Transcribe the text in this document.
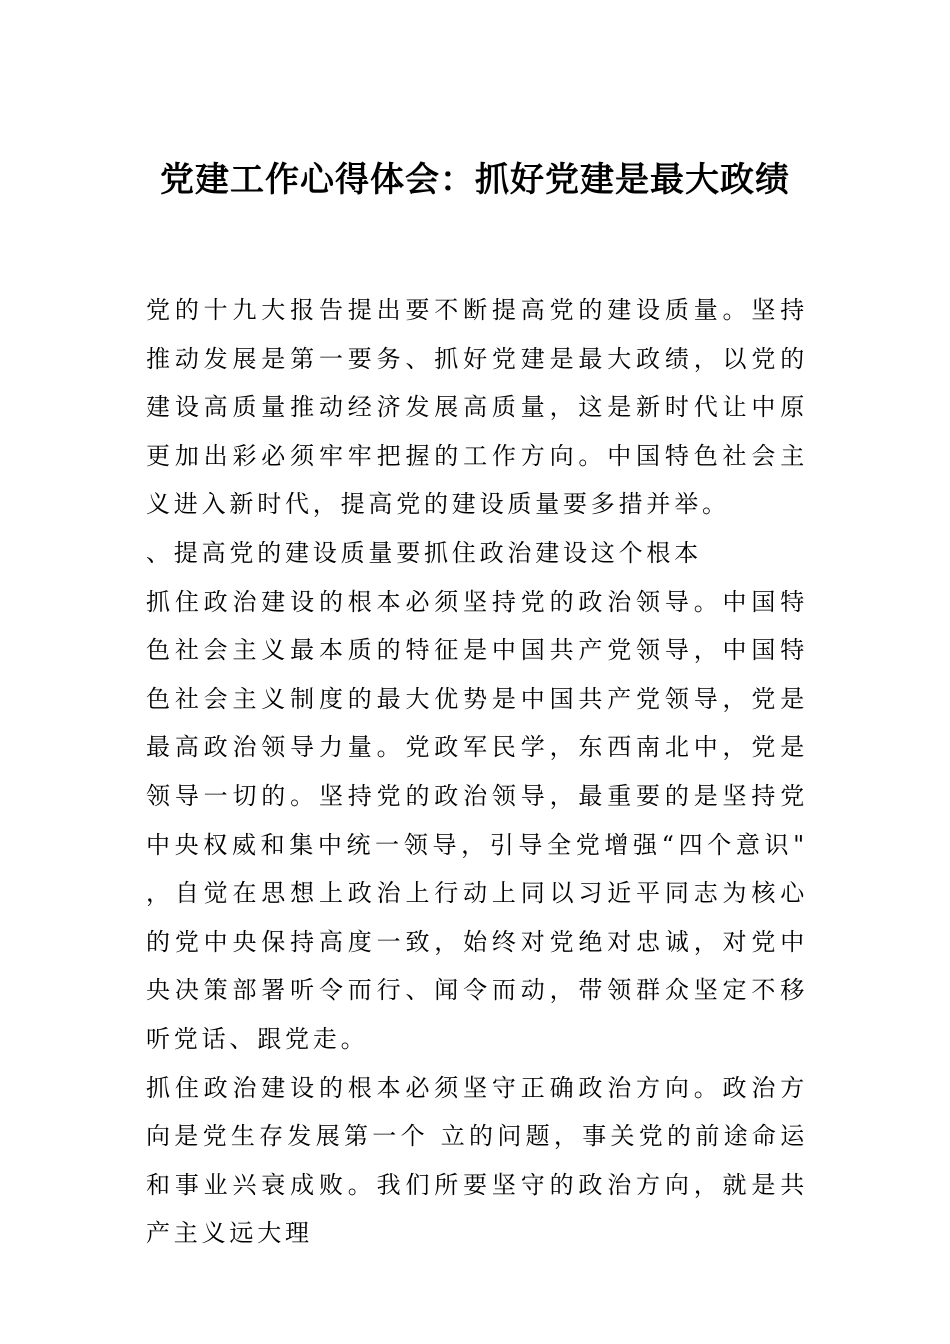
党建工作心得体会：抓好党建是最大政绩

党的十九大报告提出要不断提高党的建设质量。坚持推动发展是第一要务、抓好党建是最大政绩，以党的建设高质量推动经济发展高质量，这是新时代让中原更加出彩必须牢牢把握的工作方向。中国特色社会主义进入新时代，提高党的建设质量要多措并举。

、提高党的建设质量要抓住政治建设这个根本

抓住政治建设的根本必须坚持党的政治领导。中国特色社会主义最本质的特征是中国共产党领导，中国特色社会主义制度的最大优势是中国共产党领导，党是最高政治领导力量。党政军民学，东西南北中，党是领导一切的。坚持党的政治领导，最重要的是坚持党中央权威和集中统一领导，引导全党增强“四个意识"，自觉在思想上政治上行动上同以习近平同志为核心的党中央保持高度一致，始终对党绝对忠诚，对党中央决策部署听令而行、闻令而动，带领群众坚定不移听党话、跟党走。

抓住政治建设的根本必须坚守正确政治方向。政治方向是党生存发展第一个 立的问题，事关党的前途命运和事业兴衰成败。我们所要坚守的政治方向，就是共产主义远大理
